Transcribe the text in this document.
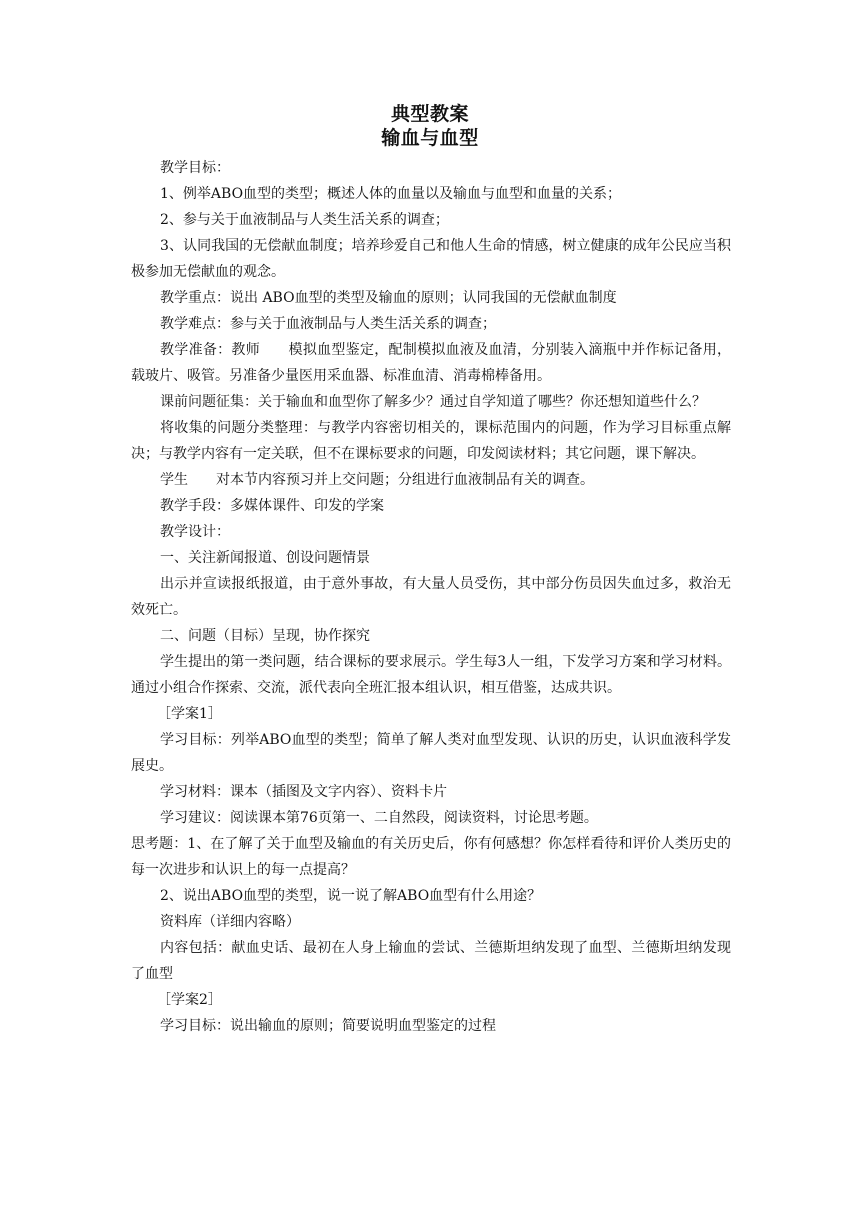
典型教案
输血与血型

教学目标：

1、例举ABO血型的类型；概述人体的血量以及输血与血型和血量的关系；

2、参与关于血液制品与人类生活关系的调查；

3、认同我国的无偿献血制度；培养珍爱自己和他人生命的情感，树立健康的成年公民应当积极参加无偿献血的观念。

教学重点：说出 ABO血型的类型及输血的原则；认同我国的无偿献血制度

教学难点：参与关于血液制品与人类生活关系的调查；

教学准备：教师　　模拟血型鉴定，配制模拟血液及血清，分别装入滴瓶中并作标记备用，载玻片、吸管。另准备少量医用采血器、标准血清、消毒棉棒备用。

课前问题征集：关于输血和血型你了解多少？通过自学知道了哪些？你还想知道些什么？

将收集的问题分类整理：与教学内容密切相关的，课标范围内的问题，作为学习目标重点解决；与教学内容有一定关联，但不在课标要求的问题，印发阅读材料；其它问题，课下解决。

学生　　对本节内容预习并上交问题；分组进行血液制品有关的调查。

教学手段：多媒体课件、印发的学案

教学设计：

一、关注新闻报道、创设问题情景

出示并宣读报纸报道，由于意外事故，有大量人员受伤，其中部分伤员因失血过多，救治无效死亡。

二、问题（目标）呈现，协作探究

学生提出的第一类问题，结合课标的要求展示。学生每3人一组，下发学习方案和学习材料。通过小组合作探索、交流，派代表向全班汇报本组认识，相互借鉴，达成共识。

［学案1］

学习目标：列举ABO血型的类型；简单了解人类对血型发现、认识的历史，认识血液科学发展史。

学习材料：课本（插图及文字内容）、资料卡片

学习建议：阅读课本第76页第一、二自然段，阅读资料，讨论思考题。

思考题：1、在了解了关于血型及输血的有关历史后，你有何感想？你怎样看待和评价人类历史的每一次进步和认识上的每一点提高？

2、说出ABO血型的类型，说一说了解ABO血型有什么用途？

资料库（详细内容略）

内容包括：献血史话、最初在人身上输血的尝试、兰德斯坦纳发现了血型、兰德斯坦纳发现了血型

［学案2］

学习目标：说出输血的原则；简要说明血型鉴定的过程
